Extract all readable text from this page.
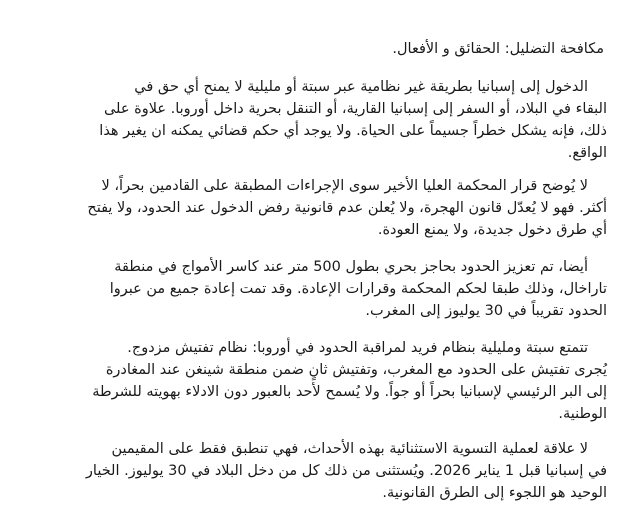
مكافحة التضليل: الحقائق و الأفعال.

الدخول إلى إسبانيا بطريقة غير نظامية عبر سبتة أو مليلية لا يمنح أي حق في
البقاء في البلاد، أو السفر إلى إسبانيا القارية، أو التنقل بحرية داخل أوروبا. علاوة على
ذلك، فإنه يشكل خطراً جسيماً على الحياة. ولا يوجد أي حكم قضائي يمكنه ان يغير هذا
الواقع.

لا يُوضح قرار المحكمة العليا الأخير سوى الإجراءات المطبقة على القادمين بحراً، لا
أكثر. فهو لا يُعدّل قانون الهجرة، ولا يُعلن عدم قانونية رفض الدخول عند الحدود، ولا يفتح
أي طرق دخول جديدة، ولا يمنع العودة.

أيضا، تم تعزيز الحدود بحاجز بحري بطول 500 متر عند كاسر الأمواج في منطقة
تاراخال، وذلك طبقا لحكم المحكمة وقرارات الإعادة. وقد تمت إعادة جميع من عبروا
الحدود تقريباً في 30 يوليوز إلى المغرب.

تتمتع سبتة ومليلية بنظام فريد لمراقبة الحدود في أوروبا: نظام تفتيش مزدوج.
يُجرى تفتيش على الحدود مع المغرب، وتفتيش ثانٍ ضمن منطقة شينغن عند المغادرة
إلى البر الرئيسي لإسبانيا بحراً أو جواً. ولا يُسمح لأحد بالعبور دون الادلاء بهويته للشرطة
الوطنية.

لا علاقة لعملية التسوية الاستثنائية بهذه الأحداث، فهي تنطبق فقط على المقيمين
في إسبانيا قبل 1 يناير 2026. ويُستثنى من ذلك كل من دخل البلاد في 30 يوليوز. الخيار
الوحيد هو اللجوء إلى الطرق القانونية.
